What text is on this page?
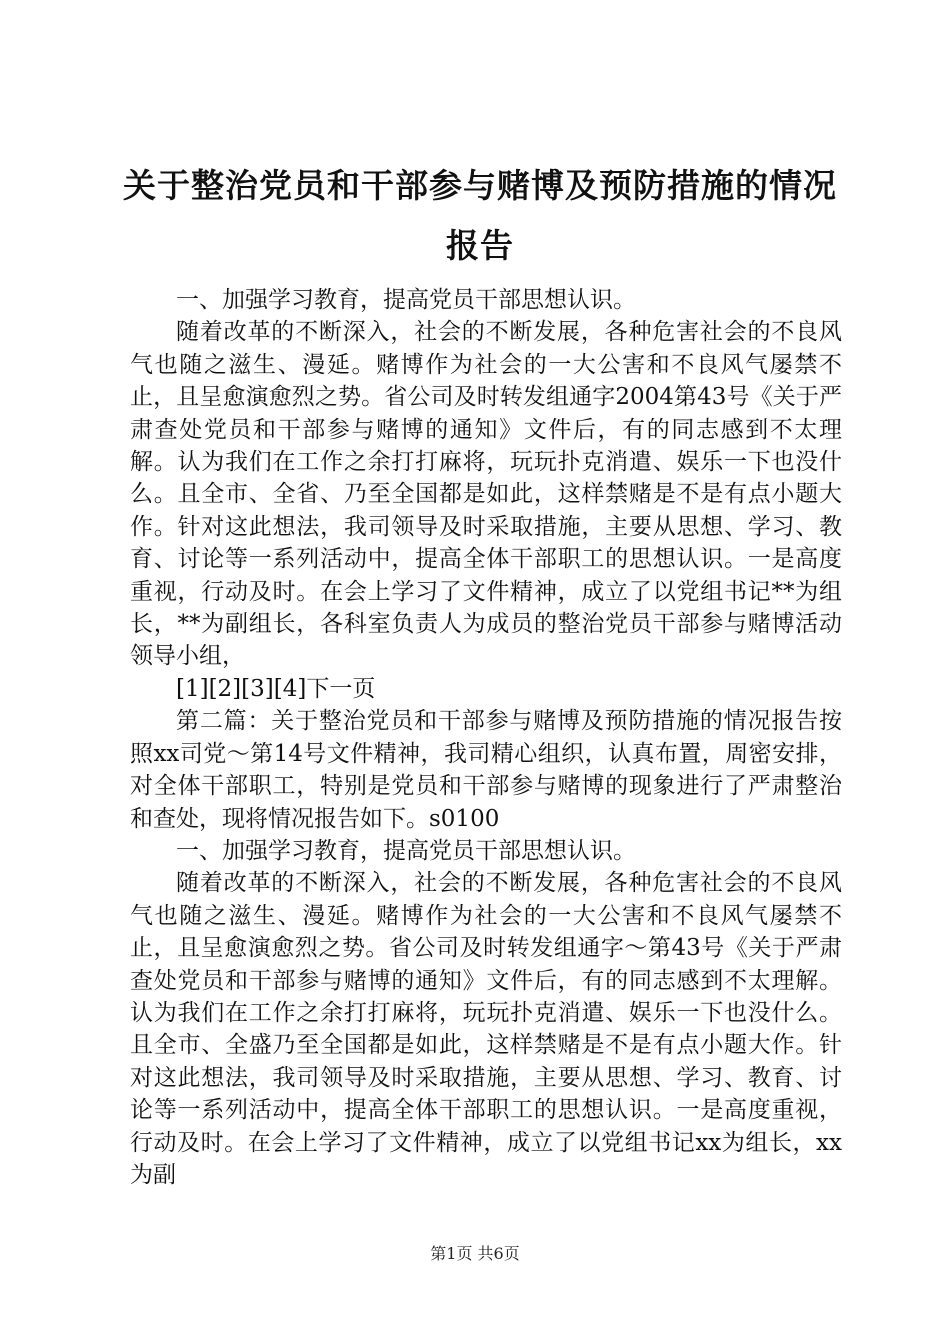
关于整治党员和干部参与赌博及预防措施的情况报告

一、加强学习教育，提高党员干部思想认识。

随着改革的不断深入，社会的不断发展，各种危害社会的不良风气也随之滋生、漫延。赌博作为社会的一大公害和不良风气屡禁不止，且呈愈演愈烈之势。省公司及时转发组通字2004第43号《关于严肃查处党员和干部参与赌博的通知》文件后，有的同志感到不太理解。认为我们在工作之余打打麻将，玩玩扑克消遣、娱乐一下也没什么。且全市、全省、乃至全国都是如此，这样禁赌是不是有点小题大作。针对这此想法，我司领导及时采取措施，主要从思想、学习、教育、讨论等一系列活动中，提高全体干部职工的思想认识。一是高度重视，行动及时。在会上学习了文件精神，成立了以党组书记**为组长，**为副组长，各科室负责人为成员的整治党员干部参与赌博活动领导小组，

[1][2][3][4]下一页

第二篇：关于整治党员和干部参与赌博及预防措施的情况报告按照xx司党～第14号文件精神，我司精心组织，认真布置，周密安排，对全体干部职工，特别是党员和干部参与赌博的现象进行了严肃整治和查处，现将情况报告如下。s0100

一、加强学习教育，提高党员干部思想认识。

随着改革的不断深入，社会的不断发展，各种危害社会的不良风气也随之滋生、漫延。赌博作为社会的一大公害和不良风气屡禁不止，且呈愈演愈烈之势。省公司及时转发组通字～第43号《关于严肃查处党员和干部参与赌博的通知》文件后，有的同志感到不太理解。认为我们在工作之余打打麻将，玩玩扑克消遣、娱乐一下也没什么。且全市、全盛乃至全国都是如此，这样禁赌是不是有点小题大作。针对这此想法，我司领导及时采取措施，主要从思想、学习、教育、讨论等一系列活动中，提高全体干部职工的思想认识。一是高度重视，行动及时。在会上学习了文件精神，成立了以党组书记xx为组长，xx为副

第1页 共6页
